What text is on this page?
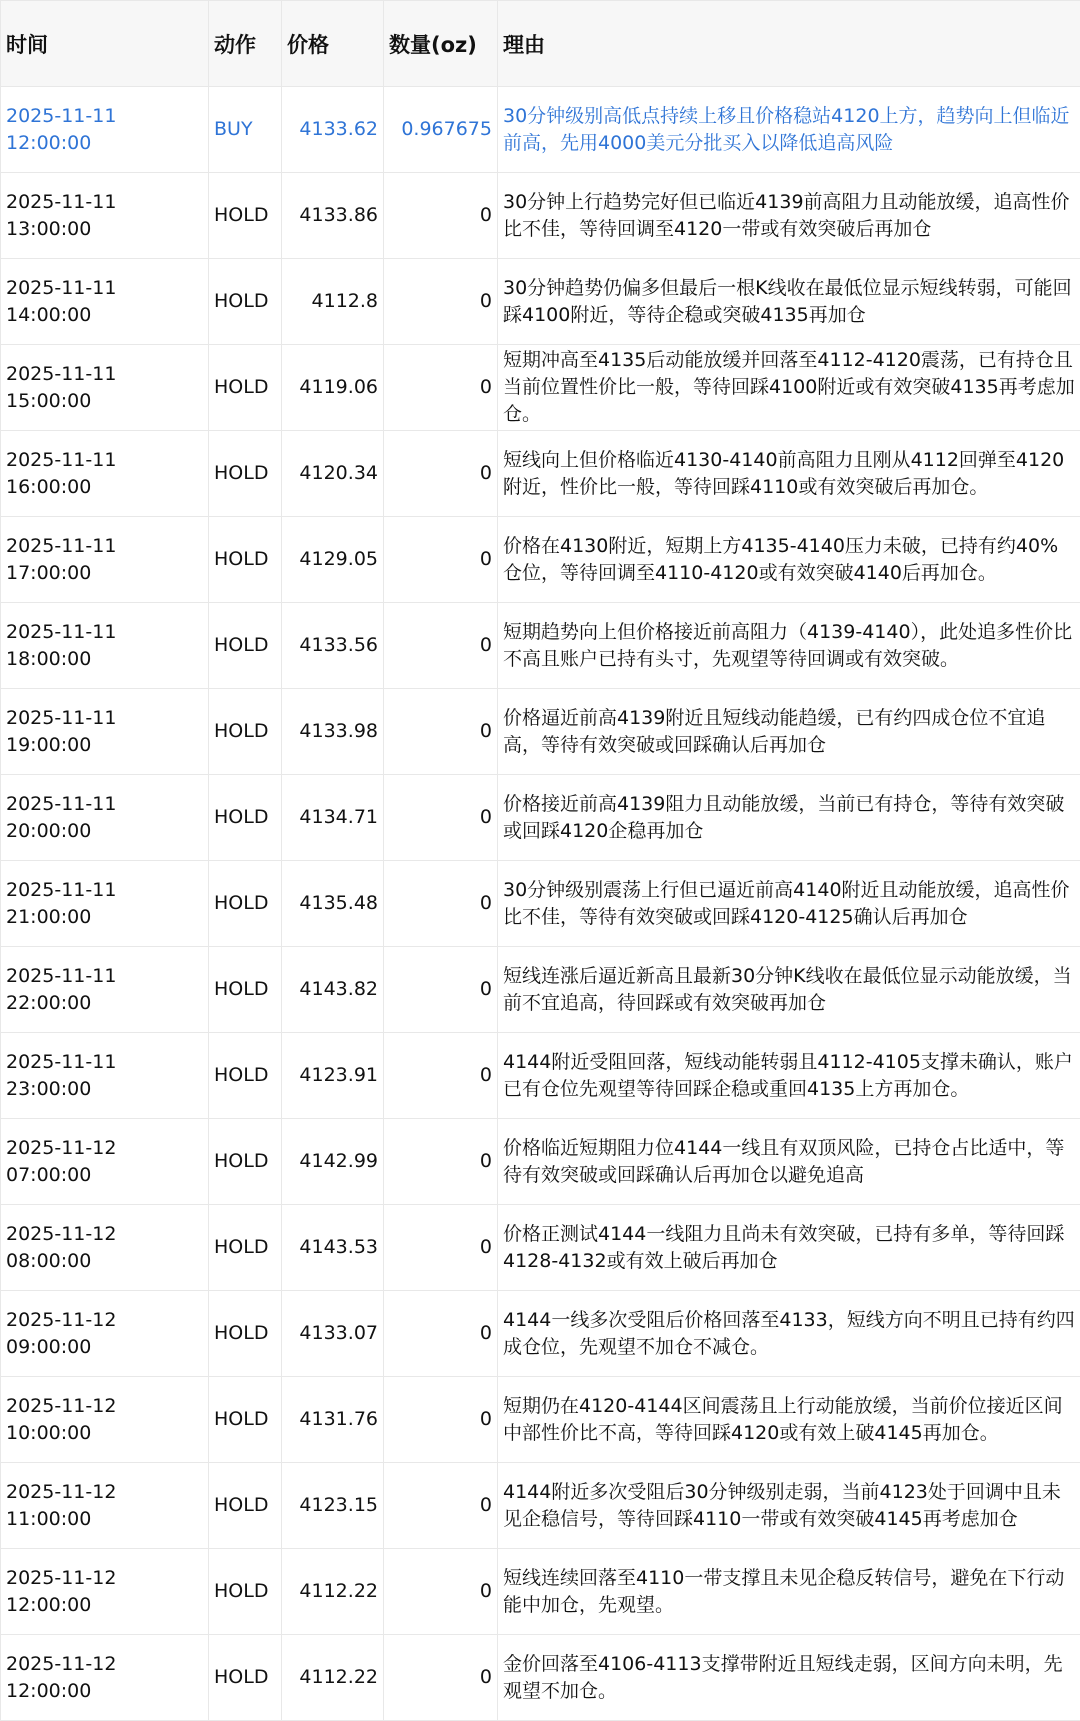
时间	动作	价格	数量(oz)	理由

2025-11-11
12:00:00	BUY	4133.62	0.967675	30分钟级别高低点持续上移且价格稳站4120上方，趋势向上但临近前高，先用4000美元分批买入以降低追高风险

2025-11-11
13:00:00	HOLD	4133.86	0	30分钟上行趋势完好但已临近4139前高阻力且动能放缓，追高性价比不佳，等待回调至4120一带或有效突破后再加仓

2025-11-11
14:00:00	HOLD	4112.8	0	30分钟趋势仍偏多但最后一根K线收在最低位显示短线转弱，可能回踩4100附近，等待企稳或突破4135再加仓

2025-11-11
15:00:00	HOLD	4119.06	0	短期冲高至4135后动能放缓并回落至4112-4120震荡，已有持仓且当前位置性价比一般，等待回踩4100附近或有效突破4135再考虑加仓。

2025-11-11
16:00:00	HOLD	4120.34	0	短线向上但价格临近4130-4140前高阻力且刚从4112回弹至4120附近，性价比一般，等待回踩4110或有效突破后再加仓。

2025-11-11
17:00:00	HOLD	4129.05	0	价格在4130附近，短期上方4135-4140压力未破，已持有约40%仓位，等待回调至4110-4120或有效突破4140后再加仓。

2025-11-11
18:00:00	HOLD	4133.56	0	短期趋势向上但价格接近前高阻力（4139-4140），此处追多性价比不高且账户已持有头寸，先观望等待回调或有效突破。

2025-11-11
19:00:00	HOLD	4133.98	0	价格逼近前高4139附近且短线动能趋缓，已有约四成仓位不宜追高，等待有效突破或回踩确认后再加仓

2025-11-11
20:00:00	HOLD	4134.71	0	价格接近前高4139阻力且动能放缓，当前已有持仓，等待有效突破或回踩4120企稳再加仓

2025-11-11
21:00:00	HOLD	4135.48	0	30分钟级别震荡上行但已逼近前高4140附近且动能放缓，追高性价比不佳，等待有效突破或回踩4120-4125确认后再加仓

2025-11-11
22:00:00	HOLD	4143.82	0	短线连涨后逼近新高且最新30分钟K线收在最低位显示动能放缓，当前不宜追高，待回踩或有效突破再加仓

2025-11-11
23:00:00	HOLD	4123.91	0	4144附近受阻回落，短线动能转弱且4112-4105支撑未确认，账户已有仓位先观望等待回踩企稳或重回4135上方再加仓。

2025-11-12
07:00:00	HOLD	4142.99	0	价格临近短期阻力位4144一线且有双顶风险，已持仓占比适中，等待有效突破或回踩确认后再加仓以避免追高

2025-11-12
08:00:00	HOLD	4143.53	0	价格正测试4144一线阻力且尚未有效突破，已持有多单，等待回踩4128-4132或有效上破后再加仓

2025-11-12
09:00:00	HOLD	4133.07	0	4144一线多次受阻后价格回落至4133，短线方向不明且已持有约四成仓位，先观望不加仓不减仓。

2025-11-12
10:00:00	HOLD	4131.76	0	短期仍在4120-4144区间震荡且上行动能放缓，当前价位接近区间中部性价比不高，等待回踩4120或有效上破4145再加仓。

2025-11-12
11:00:00	HOLD	4123.15	0	4144附近多次受阻后30分钟级别走弱，当前4123处于回调中且未见企稳信号，等待回踩4110一带或有效突破4145再考虑加仓

2025-11-12
12:00:00	HOLD	4112.22	0	短线连续回落至4110一带支撑且未见企稳反转信号，避免在下行动能中加仓，先观望。

2025-11-12
12:00:00	HOLD	4112.22	0	金价回落至4106-4113支撑带附近且短线走弱，区间方向未明，先观望不加仓。
